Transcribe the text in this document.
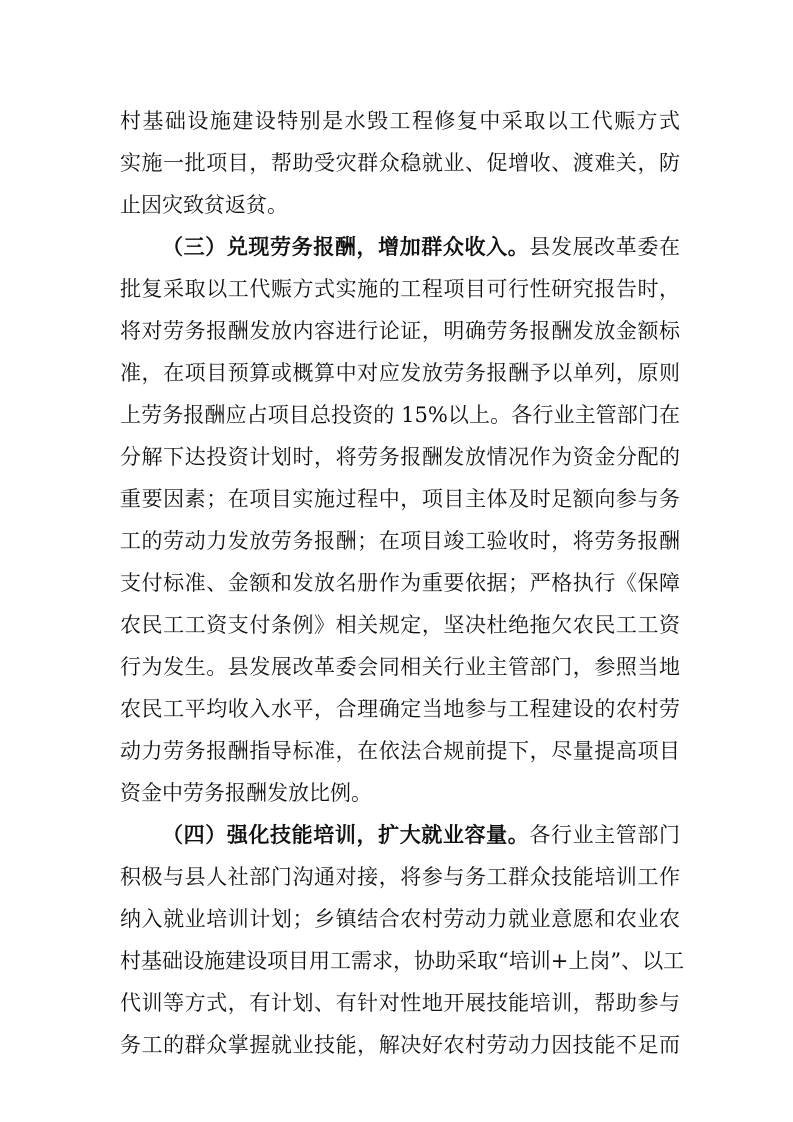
村基础设施建设特别是水毁工程修复中采取以工代赈方式
实施一批项目，帮助受灾群众稳就业、促增收、渡难关，防
止因灾致贫返贫。
（三）兑现劳务报酬，增加群众收入。县发展改革委在
批复采取以工代赈方式实施的工程项目可行性研究报告时，
将对劳务报酬发放内容进行论证，明确劳务报酬发放金额标
准，在项目预算或概算中对应发放劳务报酬予以单列，原则
上劳务报酬应占项目总投资的 15%以上。各行业主管部门在
分解下达投资计划时，将劳务报酬发放情况作为资金分配的
重要因素；在项目实施过程中，项目主体及时足额向参与务
工的劳动力发放劳务报酬；在项目竣工验收时，将劳务报酬
支付标准、金额和发放名册作为重要依据；严格执行《保障
农民工工资支付条例》相关规定，坚决杜绝拖欠农民工工资
行为发生。县发展改革委会同相关行业主管部门，参照当地
农民工平均收入水平，合理确定当地参与工程建设的农村劳
动力劳务报酬指导标准，在依法合规前提下，尽量提高项目
资金中劳务报酬发放比例。
（四）强化技能培训，扩大就业容量。各行业主管部门
积极与县人社部门沟通对接，将参与务工群众技能培训工作
纳入就业培训计划；乡镇结合农村劳动力就业意愿和农业农
村基础设施建设项目用工需求，协助采取“培训+上岗”、以工
代训等方式，有计划、有针对性地开展技能培训，帮助参与
务工的群众掌握就业技能，解决好农村劳动力因技能不足而
